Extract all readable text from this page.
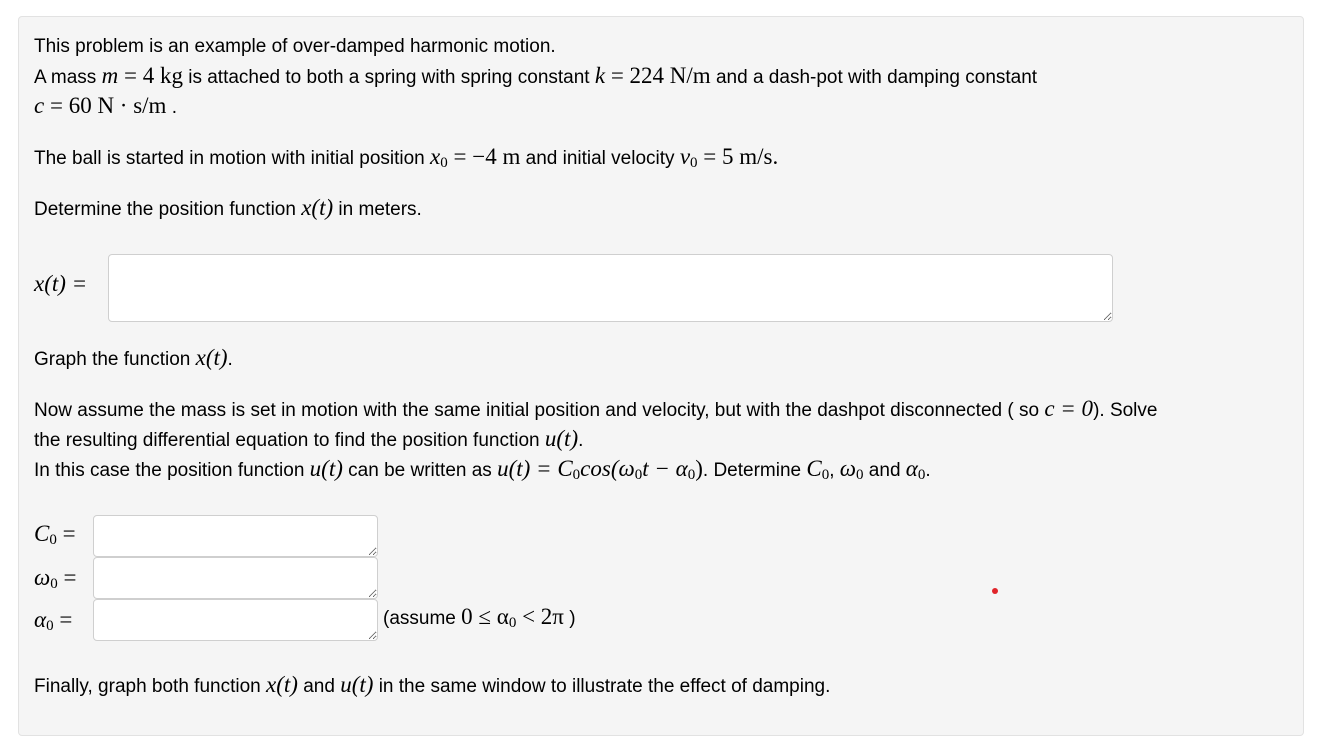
This problem is an example of over-damped harmonic motion.
A mass m = 4 kg is attached to both a spring with spring constant k = 224 N/m and a dash-pot with damping constant
c = 60 N · s/m .
The ball is started in motion with initial position $x_0 = -4$ m and initial velocity $v_0 = 5$ m/s.
Determine the position function x(t) in meters.
x(t) =
Graph the function x(t).
Now assume the mass is set in motion with the same initial position and velocity, but with the dashpot disconnected ( so c = 0). Solve
the resulting differential equation to find the position function u(t).
In this case the position function u(t) can be written as $u(t) = C_0\cos(\omega_0t - \alpha_0)$. Determine $C_0$, $\omega_0$ and $\alpha_0$.
$C_0$ =
$\omega_0$ =
$\alpha_0$ =	(assume $0 \le \alpha_0 < 2\pi$ )
Finally, graph both function x(t) and u(t) in the same window to illustrate the effect of damping.
